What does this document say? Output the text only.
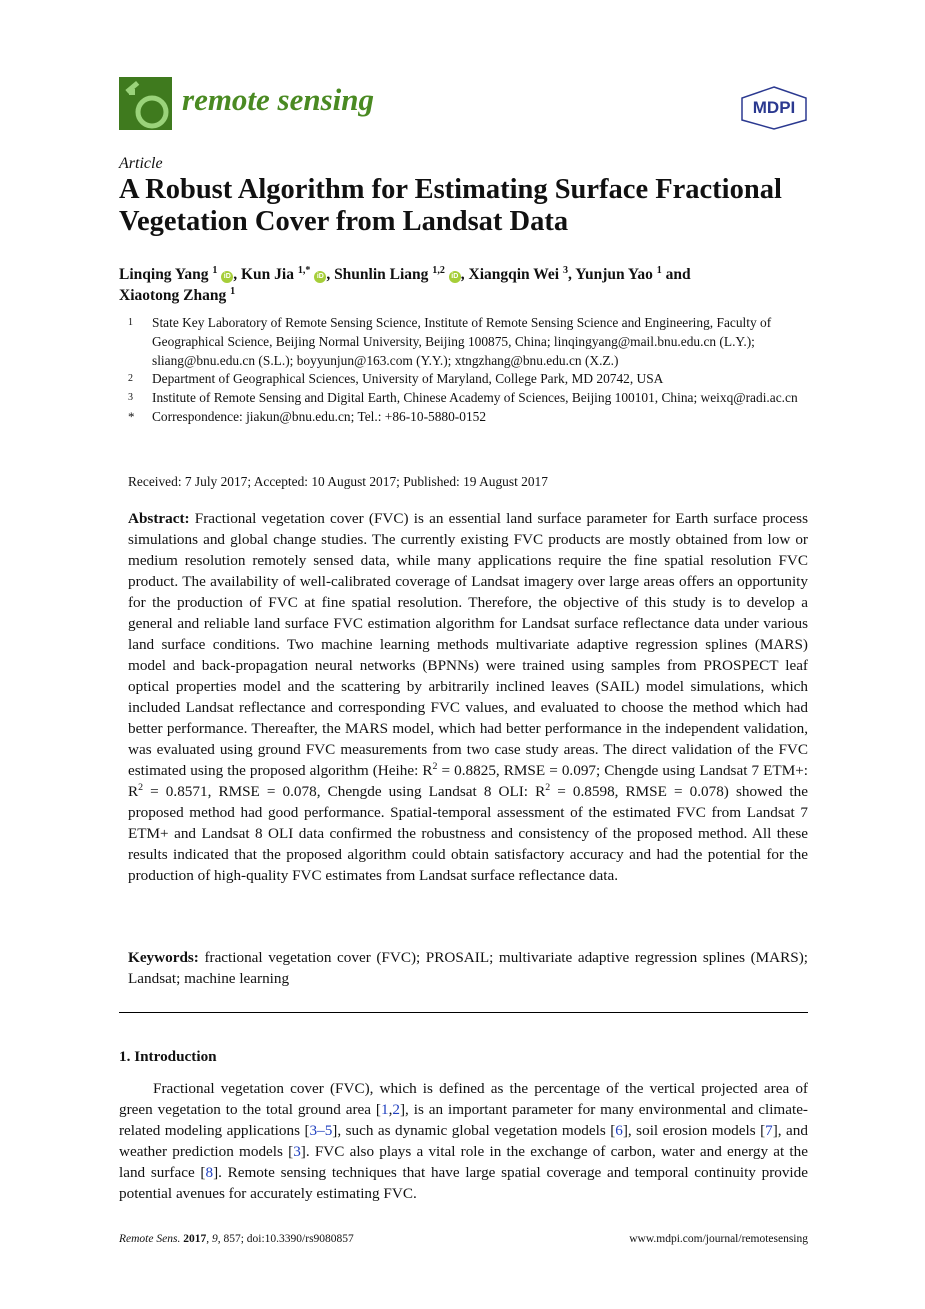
remote sensing	MDPI
Article
A Robust Algorithm for Estimating Surface Fractional Vegetation Cover from Landsat Data
Linqing Yang $^1$ iD , Kun Jia $^{1,*}$ iD , Shunlin Liang $^{1,2}$ iD , Xiangqin Wei $^3$, Yunjun Yao $^1$ and
Xiaotong Zhang $^1$
1	State Key Laboratory of Remote Sensing Science, Institute of Remote Sensing Science and Engineering, Faculty of Geographical Science, Beijing Normal University, Beijing 100875, China; linqingyang@mail.bnu.edu.cn (L.Y.); sliang@bnu.edu.cn (S.L.); boyyunjun@163.com (Y.Y.); xtngzhang@bnu.edu.cn (X.Z.)
2	Department of Geographical Sciences, University of Maryland, College Park, MD 20742, USA
3	Institute of Remote Sensing and Digital Earth, Chinese Academy of Sciences, Beijing 100101, China; weixq@radi.ac.cn
*	Correspondence: jiakun@bnu.edu.cn; Tel.: +86-10-5880-0152
Received: 7 July 2017; Accepted: 10 August 2017; Published: 19 August 2017
Abstract: Fractional vegetation cover (FVC) is an essential land surface parameter for Earth surface process simulations and global change studies. The currently existing FVC products are mostly obtained from low or medium resolution remotely sensed data, while many applications require the fine spatial resolution FVC product. The availability of well-calibrated coverage of Landsat imagery over large areas offers an opportunity for the production of FVC at fine spatial resolution. Therefore, the objective of this study is to develop a general and reliable land surface FVC estimation algorithm for Landsat surface reflectance data under various land surface conditions. Two machine learning methods multivariate adaptive regression splines (MARS) model and back-propagation neural networks (BPNNs) were trained using samples from PROSPECT leaf optical properties model and the scattering by arbitrarily inclined leaves (SAIL) model simulations, which included Landsat reflectance and corresponding FVC values, and evaluated to choose the method which had better performance. Thereafter, the MARS model, which had better performance in the independent validation, was evaluated using ground FVC measurements from two case study areas. The direct validation of the FVC estimated using the proposed algorithm (Heihe: $R^2 = 0.8825$, RMSE = 0.097; Chengde using Landsat 7 ETM+: $R^2 = 0.8571$, RMSE = 0.078, Chengde using Landsat 8 OLI: $R^2 = 0.8598$, RMSE = 0.078) showed the proposed method had good performance. Spatial-temporal assessment of the estimated FVC from Landsat 7 ETM+ and Landsat 8 OLI data confirmed the robustness and consistency of the proposed method. All these results indicated that the proposed algorithm could obtain satisfactory accuracy and had the potential for the production of high-quality FVC estimates from Landsat surface reflectance data.
Keywords: fractional vegetation cover (FVC); PROSAIL; multivariate adaptive regression splines (MARS); Landsat; machine learning
1. Introduction
Fractional vegetation cover (FVC), which is defined as the percentage of the vertical projected area of green vegetation to the total ground area [1,2], is an important parameter for many environmental and climate-related modeling applications [3–5], such as dynamic global vegetation models [6], soil erosion models [7], and weather prediction models [3]. FVC also plays a vital role in the exchange of carbon, water and energy at the land surface [8]. Remote sensing techniques that have large spatial coverage and temporal continuity provide potential avenues for accurately estimating FVC.
Remote Sens. 2017, 9, 857; doi:10.3390/rs9080857	www.mdpi.com/journal/remotesensing
